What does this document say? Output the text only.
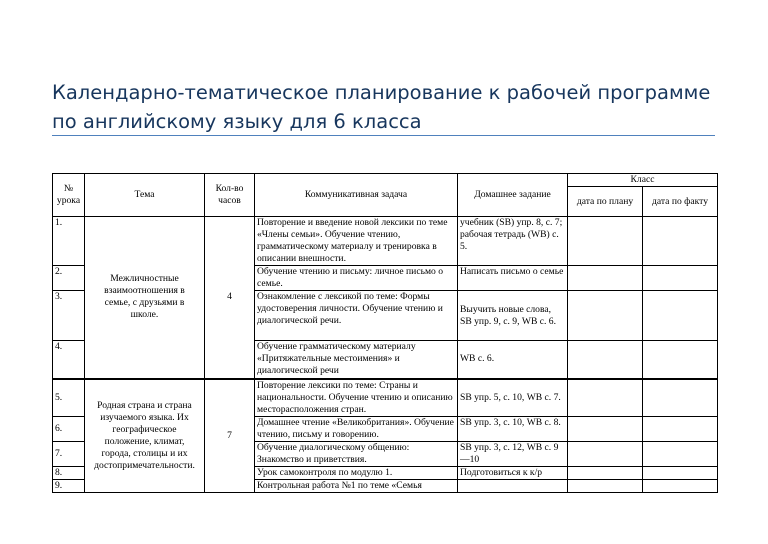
Календарно-тематическое планирование к рабочей программе по английскому языку для 6 класса
№ урока	Тема	Кол-во часов	Коммуникативная задача	Домашнее задание	Класс	
					дата по плану	дата по факту
1.	Межличностные взаимоотношения в семье, с друзьями в школе.	4	Повторение и введение новой лексики по теме «Члены семьи». Обучение чтению, грамматическому материалу и тренировка в описании внешности.	учебник (SB) упр. 8, с. 7; рабочая тетрадь (WB) с. 5.		
2.			Обучение чтению и письму: личное письмо о семье.	Написать письмо о семье		
3.			Ознакомление с лексикой по теме: Формы удостоверения личности. Обучение чтению и диалогической речи.	Выучить новые слова, SB упр. 9, с. 9, WB с. 6.		
4.			Обучение грамматическому материалу «Притяжательные местоимения» и диалогической речи	WB с. 6.		
5.	Родная страна и страна изучаемого языка. Их географическое положение, климат, города, столицы и их достопримечательности.	7	Повторение лексики по теме: Страны и национальности. Обучение чтению и описанию месторасположения стран.	SB упр. 5, с. 10, WB с. 7.		
6.			Домашнее чтение «Великобритания». Обучение чтению, письму и говорению.	SB упр. 3, с. 10, WB с. 8.		
7.			Обучение диалогическому общению: Знакомство и приветствия.	SB упр. 3, с. 12, WB с. 9—10		
8.			Урок самоконтроля по модулю 1.	Подготовиться к к/р		
9.			Контрольная работа №1 по теме «Семья			
